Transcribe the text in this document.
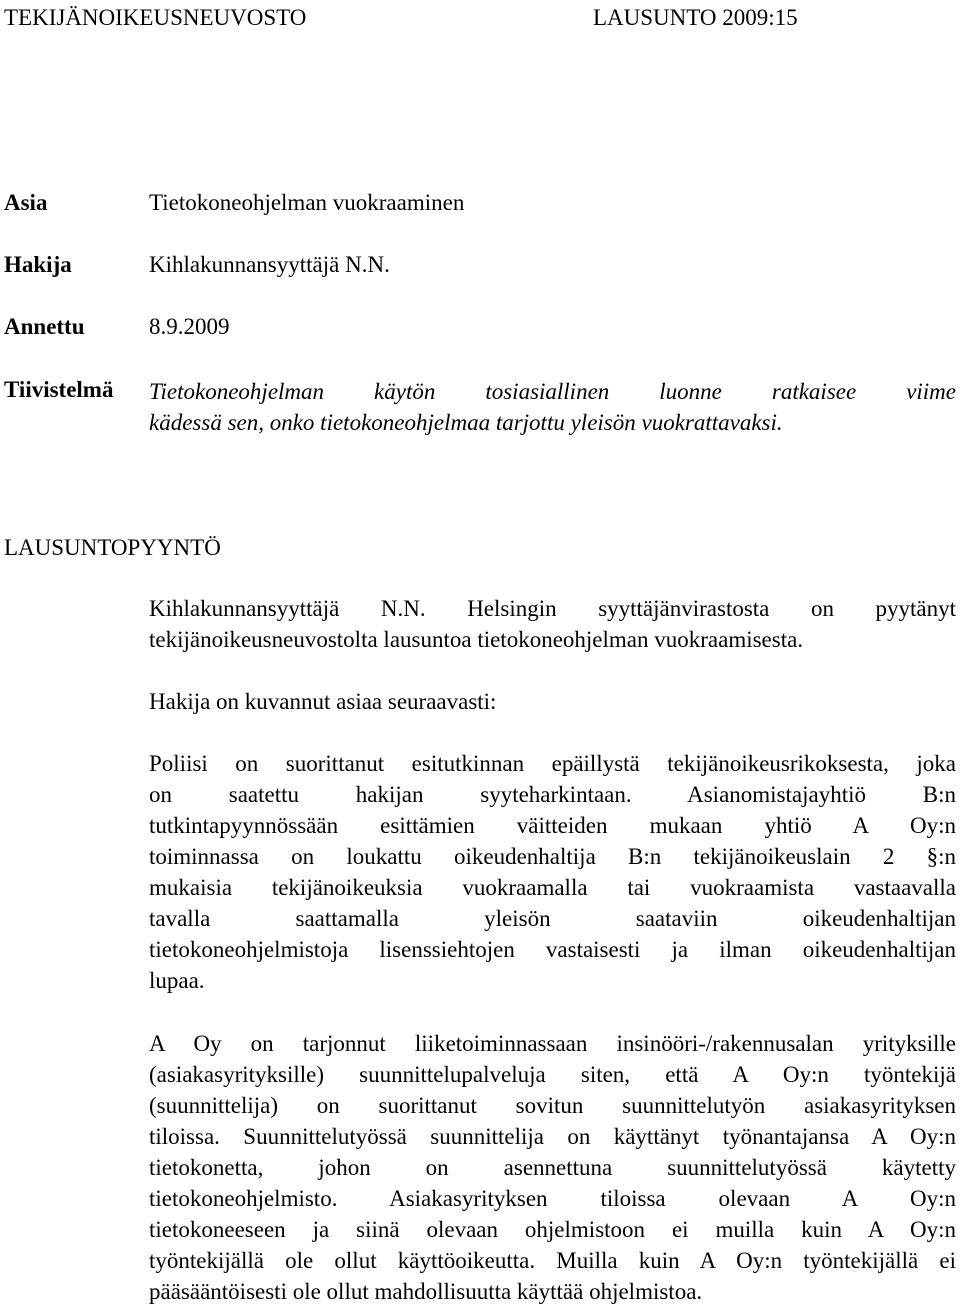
TEKIJÄNOIKEUSNEUVOSTO	LAUSUNTO 2009:15
Asia	Tietokoneohjelman vuokraaminen
Hakija	Kihlakunnansyyttäjä N.N.
Annettu	8.9.2009
Tiivistelmä Tietokoneohjelman käytön tosiasiallinen luonne ratkaisee viime
kädessä sen, onko tietokoneohjelmaa tarjottu yleisön vuokrattavaksi.
LAUSUNTOPYYNTÖ
Kihlakunnansyyttäjä N.N. Helsingin syyttäjänvirastosta on pyytänyt
tekijänoikeusneuvostolta lausuntoa tietokoneohjelman vuokraamisesta.
Hakija on kuvannut asiaa seuraavasti:
Poliisi on suorittanut esitutkinnan epäillystä tekijänoikeusrikoksesta, joka
on saatettu hakijan syyteharkintaan. Asianomistajayhtiö B:n
tutkintapyynnössään esittämien väitteiden mukaan yhtiö A Oy:n
toiminnassa on loukattu oikeudenhaltija B:n tekijänoikeuslain 2 §:n
mukaisia tekijänoikeuksia vuokraamalla tai vuokraamista vastaavalla
tavalla saattamalla yleisön saataviin oikeudenhaltijan
tietokoneohjelmistoja lisenssiehtojen vastaisesti ja ilman oikeudenhaltijan
lupaa.
A Oy on tarjonnut liiketoiminnassaan insinööri-/rakennusalan yrityksille
(asiakasyrityksille) suunnittelupalveluja siten, että A Oy:n työntekijä
(suunnittelija) on suorittanut sovitun suunnittelutyön asiakasyrityksen
tiloissa. Suunnittelutyössä suunnittelija on käyttänyt työnantajansa A Oy:n
tietokonetta, johon on asennettuna suunnittelutyössä käytetty
tietokoneohjelmisto. Asiakasyrityksen tiloissa olevaan A Oy:n
tietokoneeseen ja siinä olevaan ohjelmistoon ei muilla kuin A Oy:n
työntekijällä ole ollut käyttöoikeutta. Muilla kuin A Oy:n työntekijällä ei
pääsääntöisesti ole ollut mahdollisuutta käyttää ohjelmistoa.
